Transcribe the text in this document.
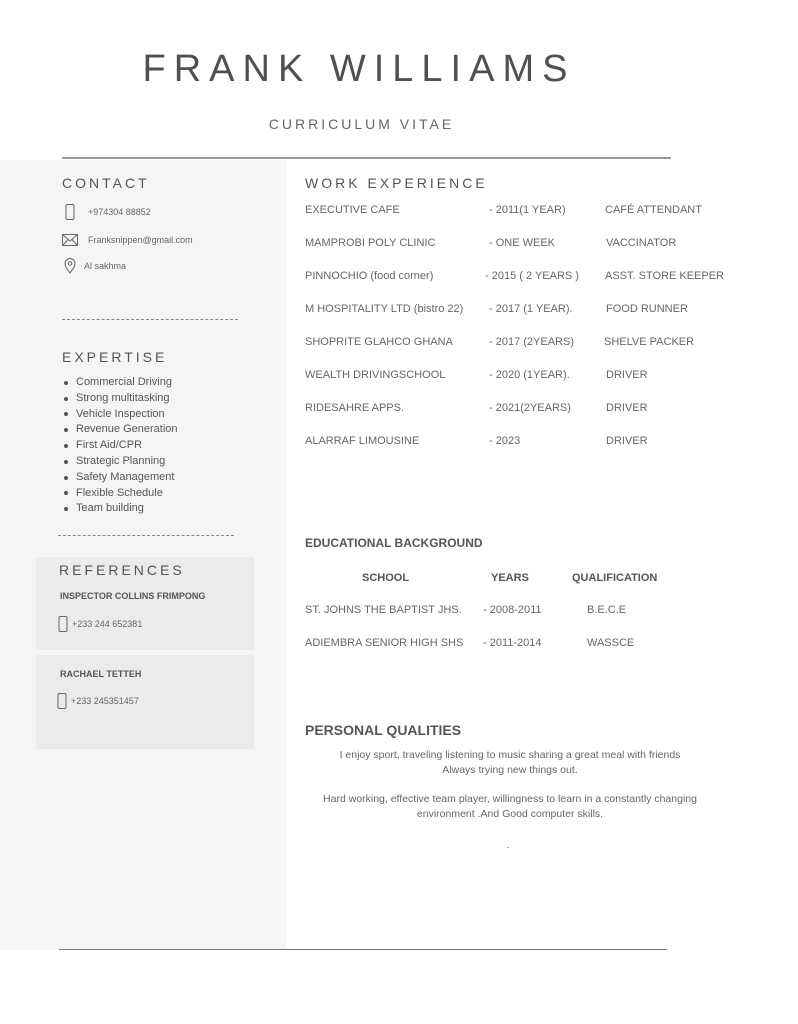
FRANK WILLIAMS
CURRICULUM VITAE
CONTACT
+974304 88852
Franksnippen@gmail.com
Al sakhma
EXPERTISE
Commercial Driving
Strong multitasking
Vehicle Inspection
Revenue Generation
First Aid/CPR
Strategic Planning
Safety Management
Flexible Schedule
Team building
REFERENCES
INSPECTOR COLLINS FRIMPONG
+233 244 652381
RACHAEL TETTEH
+233 245351457
WORK EXPERIENCE
EXECUTIVE CAFE	- 2011(1 YEAR)	CAFÉ ATTENDANT
MAMPROBI POLY CLINIC	- ONE WEEK	VACCINATOR
PINNOCHIO (food corner)	- 2015 ( 2 YEARS ) ASST. STORE KEEPER
M HOSPITALITY LTD (bistro 22) - 2017 (1 YEAR).	FOOD RUNNER
SHOPRITE GLAHCO GHANA	- 2017 (2YEARS)	SHELVE PACKER
WEALTH DRIVINGSCHOOL	- 2020 (1YEAR).	DRIVER
RIDESAHRE APPS.	- 2021(2YEARS)	DRIVER
ALARRAF LIMOUSINE	- 2023	DRIVER
EDUCATIONAL BACKGROUND
SCHOOL	YEARS	QUALIFICATION
ST. JOHNS THE BAPTIST JHS. - 2008-2011	B.E.C.E
ADIEMBRA SENIOR HIGH SHS - 2011-2014	WASSCE
PERSONAL QUALITIES
I enjoy sport, traveling listening to music sharing a great meal with friends
Always trying new things out.
Hard working, effective team player, willingness to learn in a constantly changing
environment .And Good computer skills.
.
